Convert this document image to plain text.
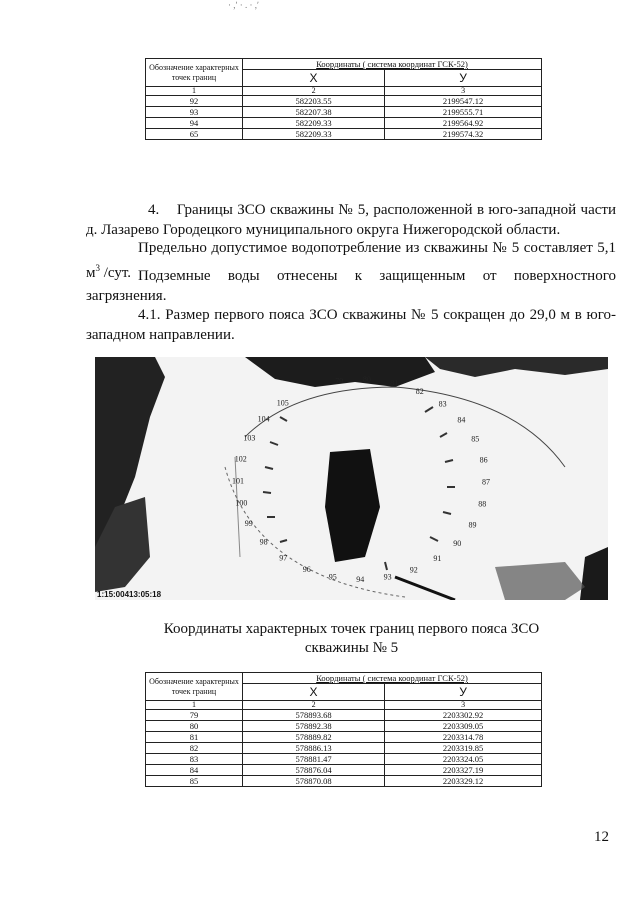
· ,ʹ · . · ,ʹ
Обозначение характерных точек границ	Координаты ( система координат ГСК-52)	
	X	У
1	2	3
92	582203.55	2199547.12
93	582207.38	2199555.71
94	582209.33	2199564.92
65	582209.33	2199574.32
4. Границы ЗСО скважины № 5, расположенной в юго-западной части д. Лазарево Городецкого муниципального округа Нижегородской области.
Предельно допустимое водопотребление из скважины № 5 составляет 5,1 $м^3$ /сут. Подземные воды отнесены к защищенным от поверхностного загрязнения.
4.1. Размер первого пояса ЗСО скважины № 5 сокращен до 29,0 м в юго-западном направлении.
79 80 81
82
83
84
85
86
87
88
89
90
91
92
93
94
95
96
97
98
99
100
101
102
103
104
105
1:15:00413:05:18
Координаты характерных точек границ первого пояса ЗСО
скважины № 5
Обозначение характерных точек границ	Координаты ( система координат ГСК-52)	
	X	У
1	2	3
79	578893.68	2203302.92
80	578892.38	2203309.05
81	578889.82	2203314.78
82	578886.13	2203319.85
83	578881.47	2203324.05
84	578876.04	2203327.19
85	578870.08	2203329.12
12
